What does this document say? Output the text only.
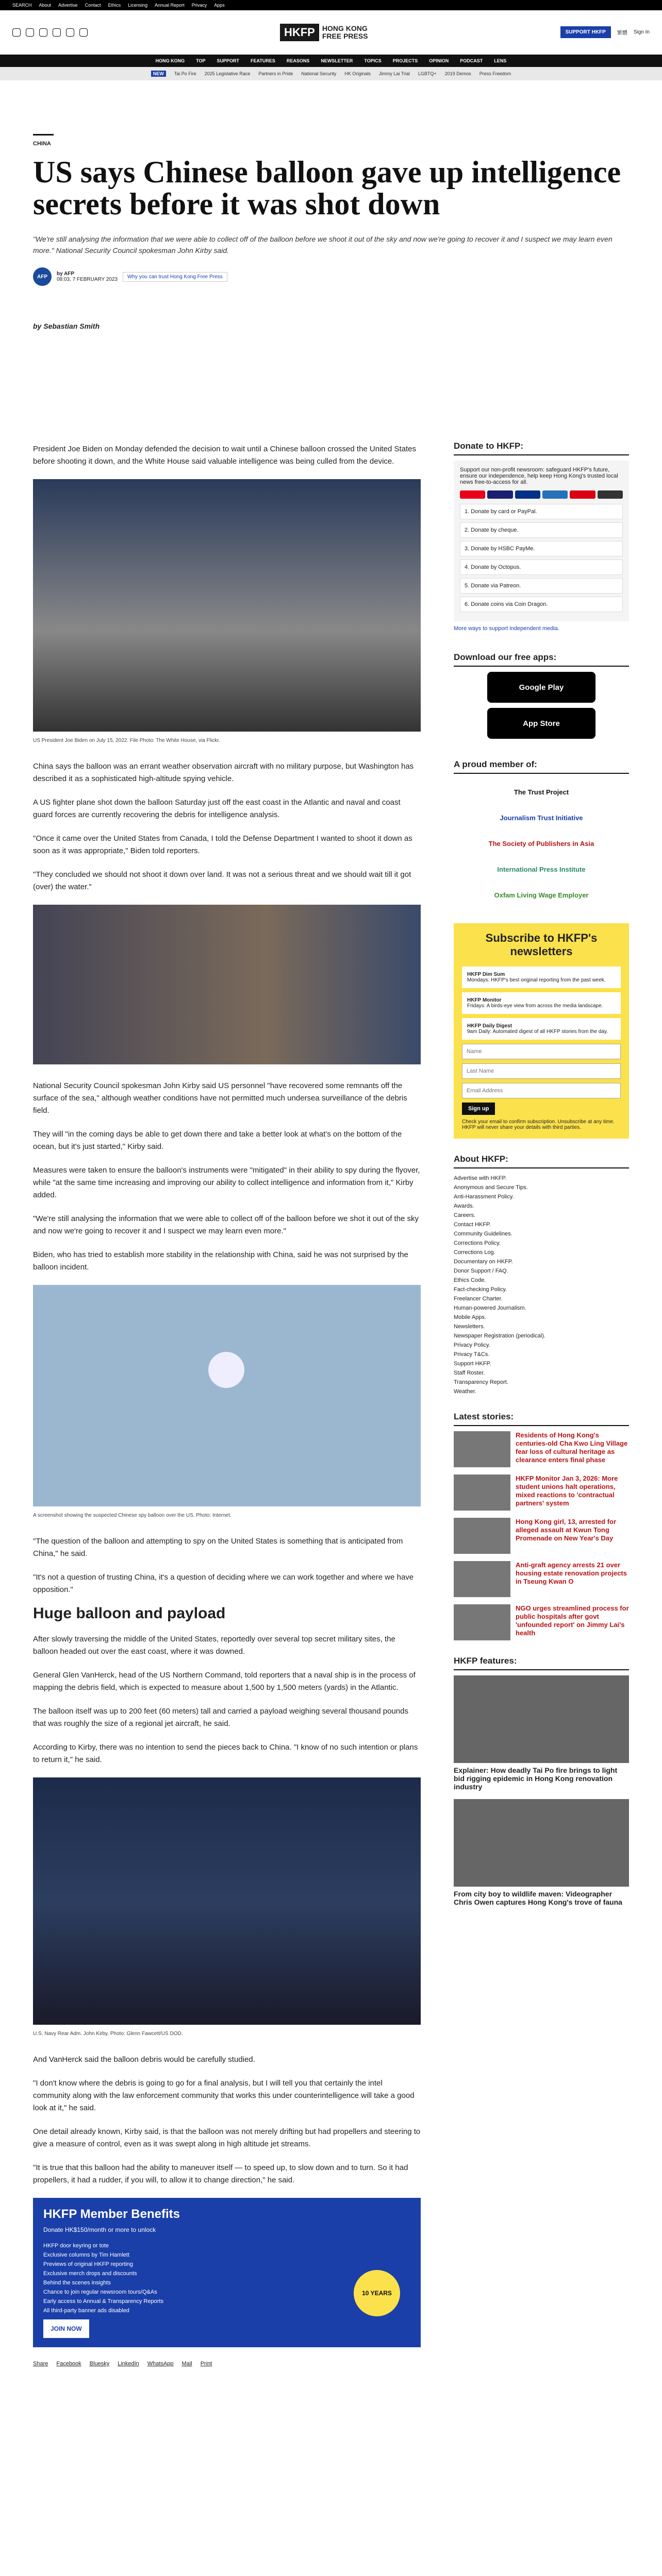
SEARCH About Advertise Contact Ethics Licensing Annual Report Privacy Apps
HKFP	HONG KONG
FREE PRESS	SUPPORT HKFP	繁體 Sign In
HONG KONG TOP SUPPORT FEATURES REASONS NEWSLETTER TOPICS PROJECTS OPINION PODCAST LENS
NEW	Tai Po Fire 2025 Legislative Race Partners in Pride National Security HK Originals Jimmy Lai Trial LGBTQ+ 2019 Demos Press Freedom
CHINA
US says Chinese balloon gave up intelligence secrets before it was shot down

"We're still analysing the information that we were able to collect off of the balloon before we shoot it out of the sky and now we're going to recover it and I suspect we may learn even more." National Security Council spokesman John Kirby said.

AFP	by AFP
08:03, 7 FEBRUARY 2023	Why you can trust Hong Kong Free Press
by Sebastian Smith

President Joe Biden on Monday defended the decision to wait until a Chinese balloon crossed the United States before shooting it down, and the White House said valuable intelligence was being culled from the device.

US President Joe Biden on July 15, 2022. File Photo: The White House, via Flickr.

China says the balloon was an errant weather observation aircraft with no military purpose, but Washington has described it as a sophisticated high-altitude spying vehicle.

A US fighter plane shot down the balloon Saturday just off the east coast in the Atlantic and naval and coast guard forces are currently recovering the debris for intelligence analysis.

"Once it came over the United States from Canada, I told the Defense Department I wanted to shoot it down as soon as it was appropriate," Biden told reporters.

"They concluded we should not shoot it down over land. It was not a serious threat and we should wait till it got (over) the water."

National Security Council spokesman John Kirby said US personnel "have recovered some remnants off the surface of the sea," although weather conditions have not permitted much undersea surveillance of the debris field.

They will "in the coming days be able to get down there and take a better look at what's on the bottom of the ocean, but it's just started," Kirby said.

Measures were taken to ensure the balloon's instruments were "mitigated" in their ability to spy during the flyover, while "at the same time increasing and improving our ability to collect intelligence and information from it," Kirby added.

"We're still analysing the information that we were able to collect off of the balloon before we shot it out of the sky and now we're going to recover it and I suspect we may learn even more."

Biden, who has tried to establish more stability in the relationship with China, said he was not surprised by the balloon incident.

A screenshot showing the suspected Chinese spy balloon over the US. Photo: Internet.

"The question of the balloon and attempting to spy on the United States is something that is anticipated from China," he said.

"It's not a question of trusting China, it's a question of deciding where we can work together and where we have opposition."

Huge balloon and payload

After slowly traversing the middle of the United States, reportedly over several top secret military sites, the balloon headed out over the east coast, where it was downed.

General Glen VanHerck, head of the US Northern Command, told reporters that a naval ship is in the process of mapping the debris field, which is expected to measure about 1,500 by 1,500 meters (yards) in the Atlantic.

The balloon itself was up to 200 feet (60 meters) tall and carried a payload weighing several thousand pounds that was roughly the size of a regional jet aircraft, he said.

According to Kirby, there was no intention to send the pieces back to China. "I know of no such intention or plans to return it," he said.

U.S. Navy Rear Adm. John Kirby. Photo: Glenn Fawcett/US DOD.

And VanHerck said the balloon debris would be carefully studied.

"I don't know where the debris is going to go for a final analysis, but I will tell you that certainly the intel community along with the law enforcement community that works this under counterintelligence will take a good look at it," he said.

One detail already known, Kirby said, is that the balloon was not merely drifting but had propellers and steering to give a measure of control, even as it was swept along in high altitude jet streams.

"It is true that this balloon had the ability to maneuver itself — to speed up, to slow down and to turn. So it had propellers, it had a rudder, if you will, to allow it to change direction," he said.

HKFP Member Benefits
Donate HK$150/month or more to unlock
HKFP door keyring or tote
Exclusive columns by Tim Hamlett
Previews of original HKFP reporting
Exclusive merch drops and discounts
Behind the scenes insights
Chance to join regular newsroom tours/Q&As
Early access to Annual & Transparency Reports
All third-party banner ads disabled
JOIN NOW
10 YEARS
Share Facebook Bluesky LinkedIn WhatsApp Mail Print
Donate to HKFP:

Support our non-profit newsroom: safeguard HKFP's future, ensure our independence, help keep Hong Kong's trusted local news free-to-access for all.

1. Donate by card or PayPal.
2. Donate by cheque.
3. Donate by HSBC PayMe.
4. Donate by Octopus.
5. Donate via Patreon.
6. Donate coins via Coin Dragon.

More ways to support independent media.

Download our free apps:
Google Play
App Store
A proud member of:
The Trust Project
Journalism Trust Initiative
The Society of Publishers in Asia
International Press Institute
Oxfam Living Wage Employer
Subscribe to HKFP's newsletters
HKFP Dim Sum
Mondays: HKFP's best original reporting from the past week.
HKFP Monitor
Fridays: A birds-eye view from across the media landscape.
HKFP Daily Digest
9am Daily: Automated digest of all HKFP stories from the day.
Name Last Name Email Address Sign up

Check your email to confirm subscription. Unsubscribe at any time. HKFP will never share your details with third parties.

About HKFP:
Advertise with HKFP.
Anonymous and Secure Tips.
Anti-Harassment Policy.
Awards.
Careers.
Contact HKFP.
Community Guidelines.
Corrections Policy.
Corrections Log.
Documentary on HKFP.
Donor Support / FAQ.
Ethics Code.
Fact-checking Policy.
Freelancer Charter.
Human-powered Journalism.
Mobile Apps.
Newsletters.
Newspaper Registration (periodical).
Privacy Policy.
Privacy T&Cs.
Support HKFP.
Staff Roster.
Transparency Report.
Weather.
Latest stories:
Residents of Hong Kong's centuries-old Cha Kwo Ling Village fear loss of cultural heritage as clearance enters final phase
HKFP Monitor Jan 3, 2026: More student unions halt operations, mixed reactions to 'contractual partners' system
Hong Kong girl, 13, arrested for alleged assault at Kwun Tong Promenade on New Year's Day
Anti-graft agency arrests 21 over housing estate renovation projects in Tseung Kwan O
NGO urges streamlined process for public hospitals after govt 'unfounded report' on Jimmy Lai's health
HKFP features:
Explainer: How deadly Tai Po fire brings to light bid rigging epidemic in Hong Kong renovation industry
From city boy to wildlife maven: Videographer Chris Owen captures Hong Kong's trove of fauna
